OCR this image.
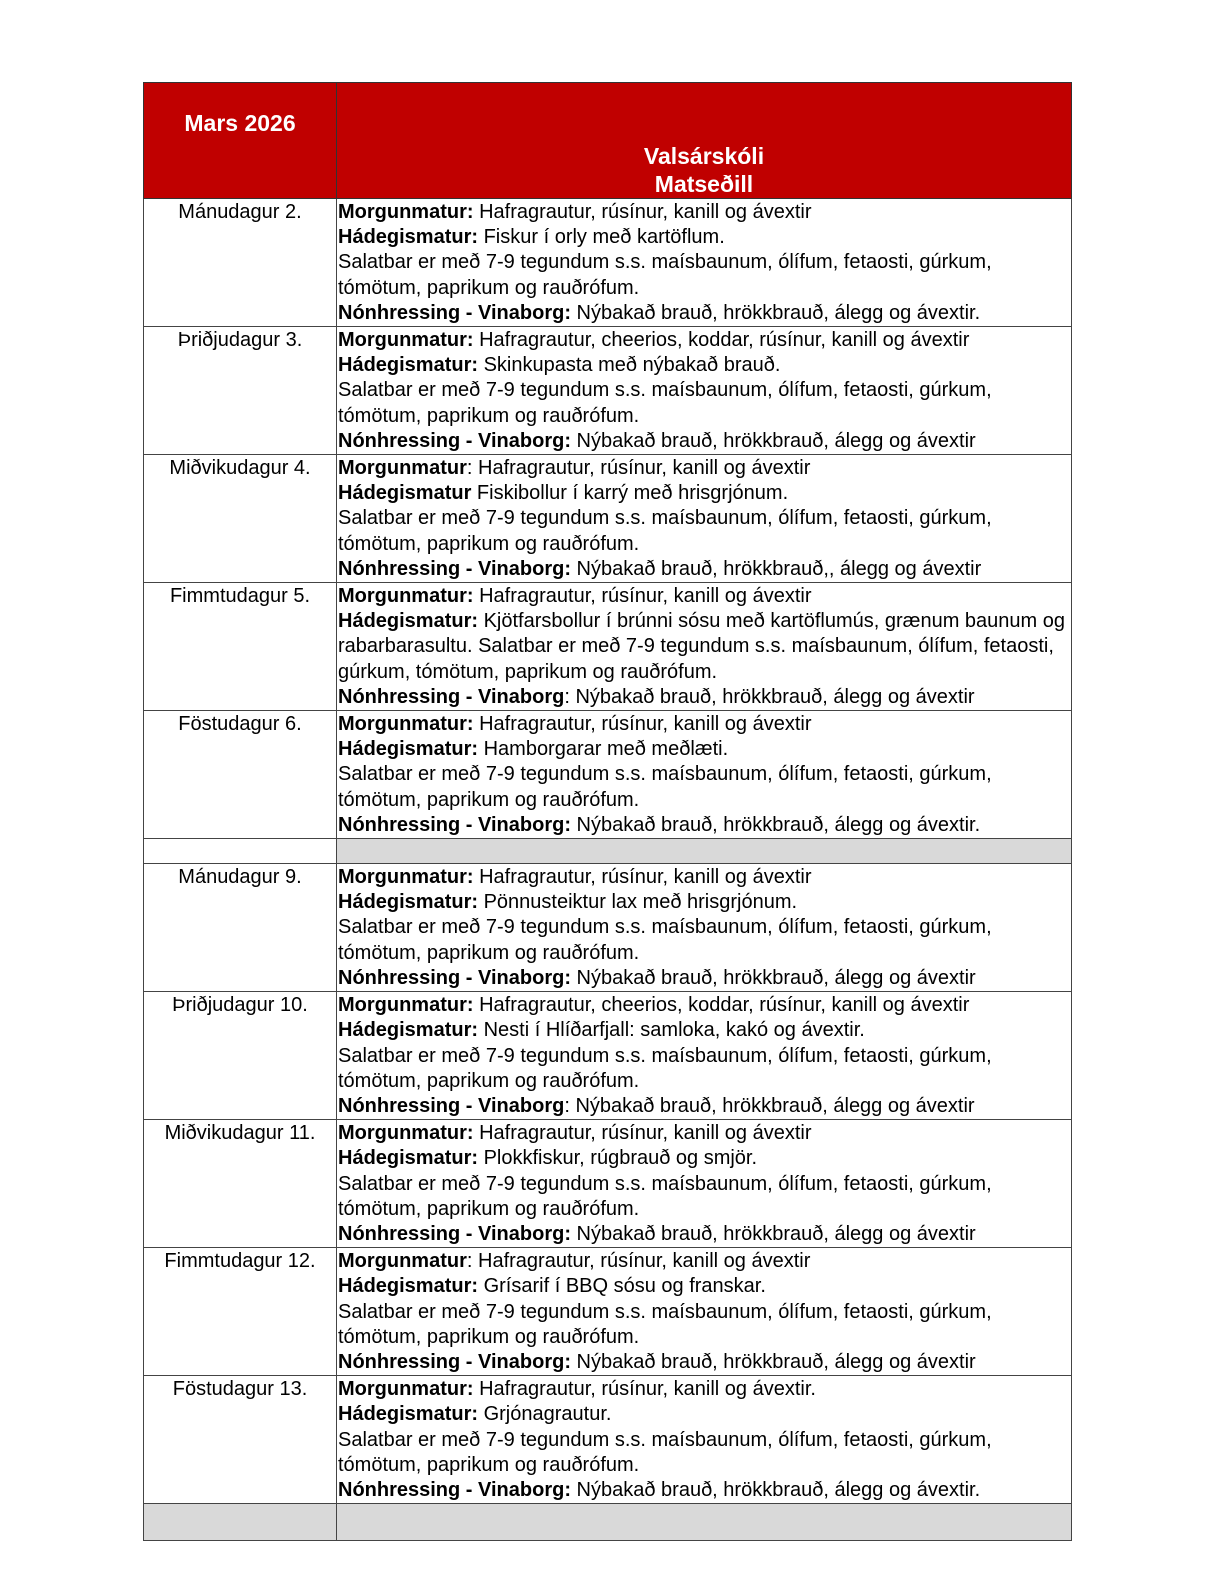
Mars 2026	Valsárskóli
Matseðill

Mánudagur 2.	Morgunmatur: Hafragrautur, rúsínur, kanill og ávextir
Hádegismatur: Fiskur í orly með kartöflum.
Salatbar er með 7-9 tegundum s.s. maísbaunum, ólífum, fetaosti, gúrkum, tómötum, paprikum og rauðrófum.
Nónhressing - Vinaborg: Nýbakað brauð, hrökkbrauð, álegg og ávextir.

Þriðjudagur 3.	Morgunmatur: Hafragrautur, cheerios, koddar, rúsínur, kanill og ávextir
Hádegismatur: Skinkupasta með nýbakað brauð.
Salatbar er með 7-9 tegundum s.s. maísbaunum, ólífum, fetaosti, gúrkum, tómötum, paprikum og rauðrófum.
Nónhressing - Vinaborg: Nýbakað brauð, hrökkbrauð, álegg og ávextir

Miðvikudagur 4.	Morgunmatur: Hafragrautur, rúsínur, kanill og ávextir
Hádegismatur Fiskibollur í karrý með hrisgrjónum.
Salatbar er með 7-9 tegundum s.s. maísbaunum, ólífum, fetaosti, gúrkum, tómötum, paprikum og rauðrófum.
Nónhressing - Vinaborg: Nýbakað brauð, hrökkbrauð,, álegg og ávextir

Fimmtudagur 5.	Morgunmatur: Hafragrautur, rúsínur, kanill og ávextir
Hádegismatur: Kjötfarsbollur í brúnni sósu með kartöflumús, grænum baunum og rabarbarasultu. Salatbar er með 7-9 tegundum s.s. maísbaunum, ólífum, fetaosti, gúrkum, tómötum, paprikum og rauðrófum.
Nónhressing - Vinaborg: Nýbakað brauð, hrökkbrauð, álegg og ávextir

Föstudagur 6.	Morgunmatur: Hafragrautur, rúsínur, kanill og ávextir
Hádegismatur: Hamborgarar með meðlæti.
Salatbar er með 7-9 tegundum s.s. maísbaunum, ólífum, fetaosti, gúrkum, tómötum, paprikum og rauðrófum.
Nónhressing - Vinaborg: Nýbakað brauð, hrökkbrauð, álegg og ávextir.

Mánudagur 9.	Morgunmatur: Hafragrautur, rúsínur, kanill og ávextir
Hádegismatur: Pönnusteiktur lax með hrisgrjónum.
Salatbar er með 7-9 tegundum s.s. maísbaunum, ólífum, fetaosti, gúrkum, tómötum, paprikum og rauðrófum.
Nónhressing - Vinaborg: Nýbakað brauð, hrökkbrauð, álegg og ávextir

Þriðjudagur 10.	Morgunmatur: Hafragrautur, cheerios, koddar, rúsínur, kanill og ávextir
Hádegismatur: Nesti í Hlíðarfjall: samloka, kakó og ávextir.
Salatbar er með 7-9 tegundum s.s. maísbaunum, ólífum, fetaosti, gúrkum, tómötum, paprikum og rauðrófum.
Nónhressing - Vinaborg: Nýbakað brauð, hrökkbrauð, álegg og ávextir

Miðvikudagur 11.	Morgunmatur: Hafragrautur, rúsínur, kanill og ávextir
Hádegismatur: Plokkfiskur, rúgbrauð og smjör.
Salatbar er með 7-9 tegundum s.s. maísbaunum, ólífum, fetaosti, gúrkum, tómötum, paprikum og rauðrófum.
Nónhressing - Vinaborg: Nýbakað brauð, hrökkbrauð, álegg og ávextir

Fimmtudagur 12.	Morgunmatur: Hafragrautur, rúsínur, kanill og ávextir
Hádegismatur: Grísarif í BBQ sósu og franskar.
Salatbar er með 7-9 tegundum s.s. maísbaunum, ólífum, fetaosti, gúrkum, tómötum, paprikum og rauðrófum.
Nónhressing - Vinaborg: Nýbakað brauð, hrökkbrauð, álegg og ávextir

Föstudagur 13.	Morgunmatur: Hafragrautur, rúsínur, kanill og ávextir.
Hádegismatur: Grjónagrautur.
Salatbar er með 7-9 tegundum s.s. maísbaunum, ólífum, fetaosti, gúrkum, tómötum, paprikum og rauðrófum.
Nónhressing - Vinaborg: Nýbakað brauð, hrökkbrauð, álegg og ávextir.
